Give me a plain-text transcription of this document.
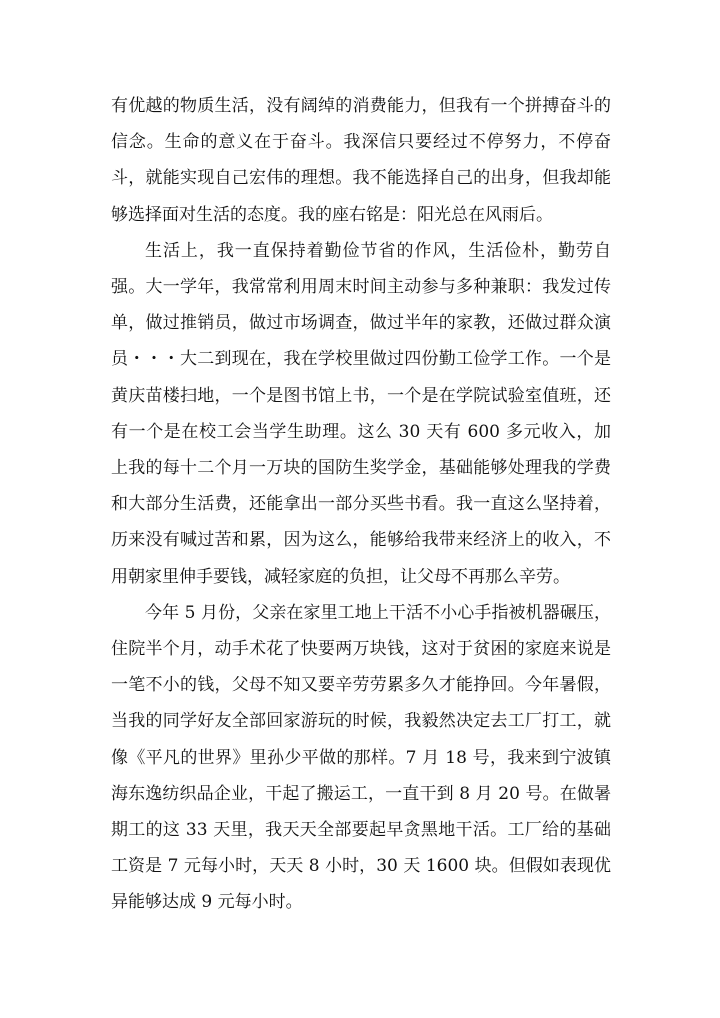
有优越的物质生活，没有阔绰的消费能力，但我有一个拼搏奋斗的信念。生命的意义在于奋斗。我深信只要经过不停努力，不停奋斗，就能实现自己宏伟的理想。我不能选择自己的出身，但我却能够选择面对生活的态度。我的座右铭是：阳光总在风雨后。

生活上，我一直保持着勤俭节省的作风，生活俭朴，勤劳自强。大一学年，我常常利用周末时间主动参与多种兼职：我发过传单，做过推销员，做过市场调查，做过半年的家教，还做过群众演员・・・大二到现在，我在学校里做过四份勤工俭学工作。一个是黄庆苗楼扫地，一个是图书馆上书，一个是在学院试验室值班，还有一个是在校工会当学生助理。这么 30 天有 600 多元收入，加上我的每十二个月一万块的国防生奖学金，基础能够处理我的学费和大部分生活费，还能拿出一部分买些书看。我一直这么坚持着，历来没有喊过苦和累，因为这么，能够给我带来经济上的收入，不用朝家里伸手要钱，减轻家庭的负担，让父母不再那么辛劳。

今年 5 月份，父亲在家里工地上干活不小心手指被机器碾压，住院半个月，动手术花了快要两万块钱，这对于贫困的家庭来说是一笔不小的钱，父母不知又要辛劳劳累多久才能挣回。今年暑假，当我的同学好友全部回家游玩的时候，我毅然决定去工厂打工，就像《平凡的世界》里孙少平做的那样。7 月 18 号，我来到宁波镇海东逸纺织品企业，干起了搬运工，一直干到 8 月 20 号。在做暑期工的这 33 天里，我天天全部要起早贪黑地干活。工厂给的基础工资是 7 元每小时，天天 8 小时，30 天 1600 块。但假如表现优异能够达成 9 元每小时。
